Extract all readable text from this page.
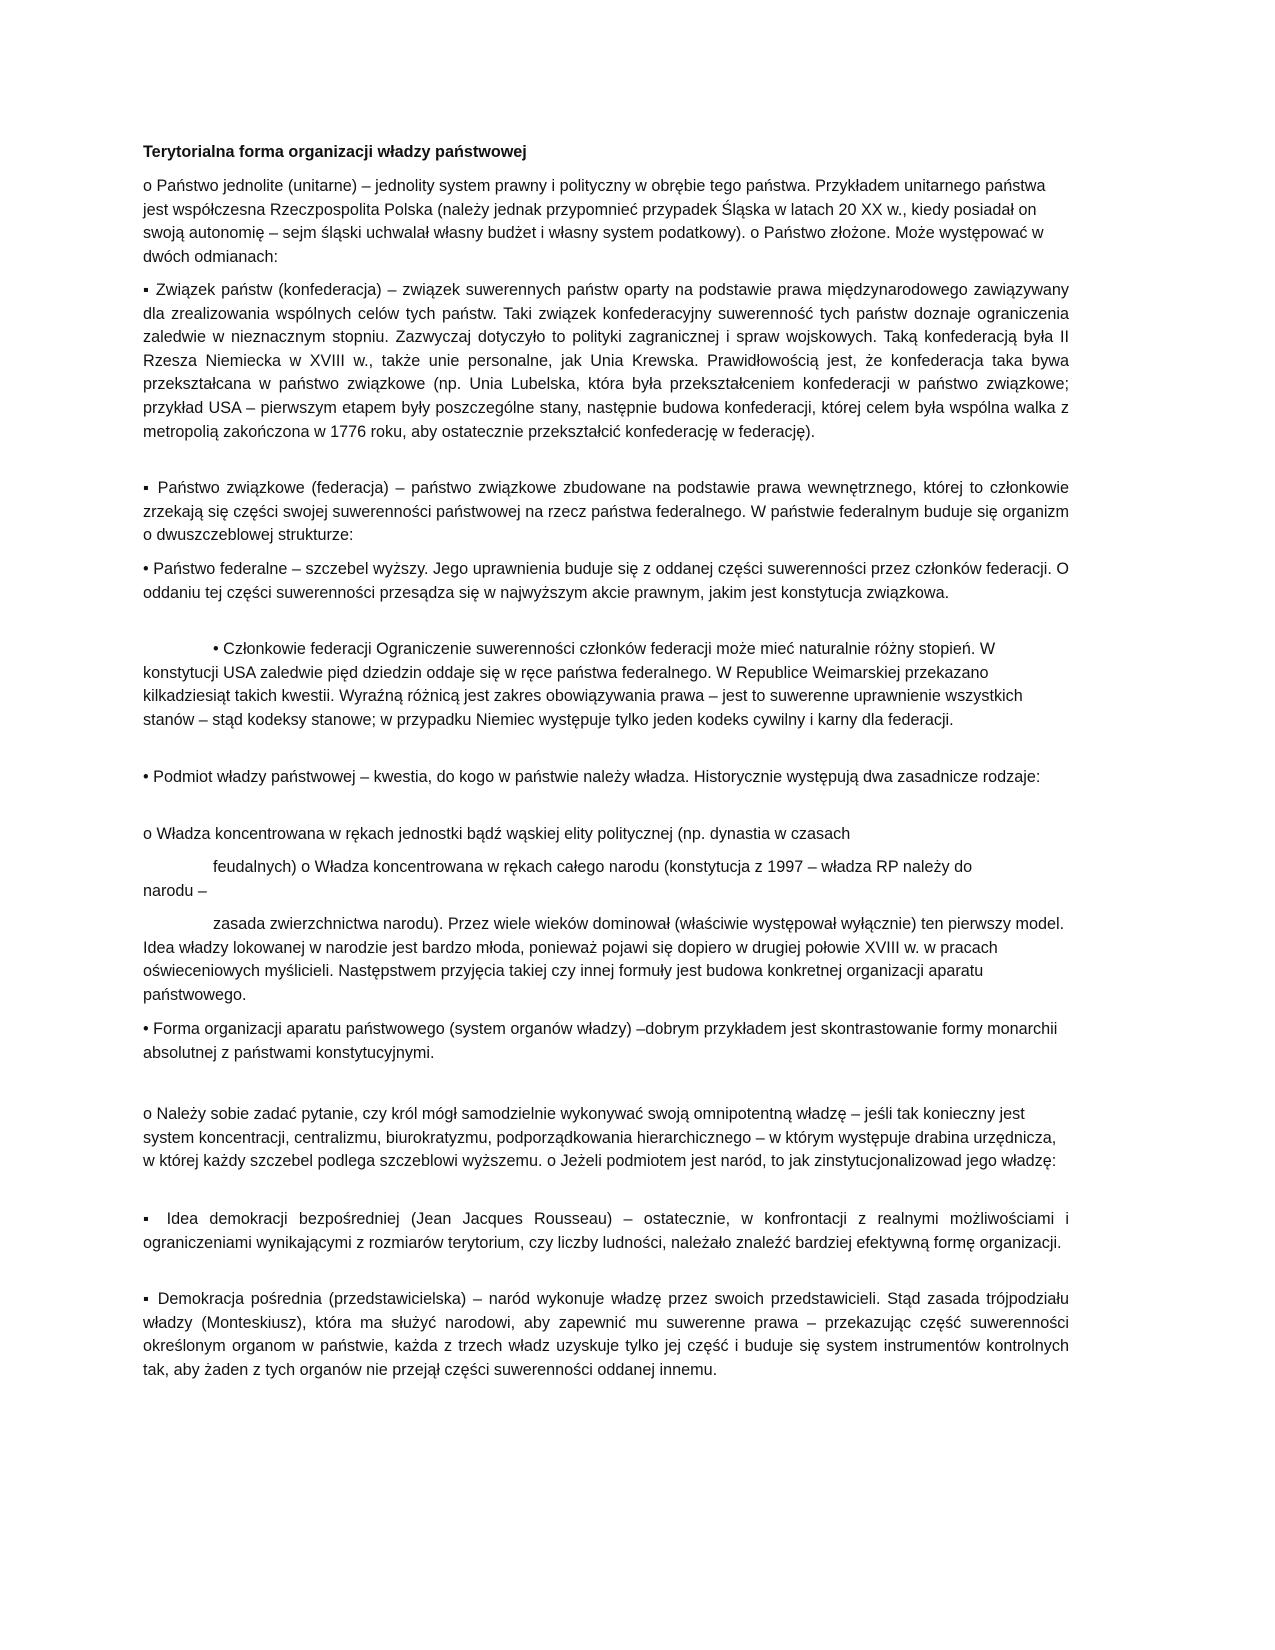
Terytorialna forma organizacji władzy państwowej

o Państwo jednolite (unitarne) – jednolity system prawny i polityczny w obrębie tego państwa. Przykładem unitarnego państwa jest współczesna Rzeczpospolita Polska (należy jednak przypomnieć przypadek Śląska w latach 20 XX w., kiedy posiadał on swoją autonomię – sejm śląski uchwalał własny budżet i własny system podatkowy). o Państwo złożone. Może występować w dwóch odmianach:

▪ Związek państw (konfederacja) – związek suwerennych państw oparty na podstawie prawa międzynarodowego zawiązywany dla zrealizowania wspólnych celów tych państw. Taki związek konfederacyjny suwerenność tych państw doznaje ograniczenia zaledwie w nieznacznym stopniu. Zazwyczaj dotyczyło to polityki zagranicznej i spraw wojskowych. Taką konfederacją była II Rzesza Niemiecka w XVIII w., także unie personalne, jak Unia Krewska. Prawidłowością jest, że konfederacja taka bywa przekształcana w państwo związkowe (np. Unia Lubelska, która była przekształceniem konfederacji w państwo związkowe; przykład USA – pierwszym etapem były poszczególne stany, następnie budowa konfederacji, której celem była wspólna walka z metropolią zakończona w 1776 roku, aby ostatecznie przekształcić konfederację w federację).

▪ Państwo związkowe (federacja) – państwo związkowe zbudowane na podstawie prawa wewnętrznego, której to członkowie zrzekają się części swojej suwerenności państwowej na rzecz państwa federalnego. W państwie federalnym buduje się organizm o dwuszczeblowej strukturze:

• Państwo federalne – szczebel wyższy. Jego uprawnienia buduje się z oddanej części suwerenności przez członków federacji. O oddaniu tej części suwerenności przesądza się w najwyższym akcie prawnym, jakim jest konstytucja związkowa.

• Członkowie federacji Ograniczenie suwerenności członków federacji może mieć naturalnie różny stopień. W konstytucji USA zaledwie pięd dziedzin oddaje się w ręce państwa federalnego. W Republice Weimarskiej przekazano kilkadziesiąt takich kwestii. Wyraźną różnicą jest zakres obowiązywania prawa – jest to suwerenne uprawnienie wszystkich stanów – stąd kodeksy stanowe; w przypadku Niemiec występuje tylko jeden kodeks cywilny i karny dla federacji.

• Podmiot władzy państwowej – kwestia, do kogo w państwie należy władza. Historycznie występują dwa zasadnicze rodzaje:

o Władza koncentrowana w rękach jednostki bądź wąskiej elity politycznej (np. dynastia w czasach

feudalnych) o Władza koncentrowana w rękach całego narodu (konstytucja z 1997 – władza RP należy do
narodu –

zasada zwierzchnictwa narodu). Przez wiele wieków dominował (właściwie występował wyłącznie) ten pierwszy model. Idea władzy lokowanej w narodzie jest bardzo młoda, ponieważ pojawi się dopiero w drugiej połowie XVIII w. w pracach oświeceniowych myślicieli. Następstwem przyjęcia takiej czy innej formuły jest budowa konkretnej organizacji aparatu państwowego.

• Forma organizacji aparatu państwowego (system organów władzy) –dobrym przykładem jest skontrastowanie formy monarchii absolutnej z państwami konstytucyjnymi.

o Należy sobie zadać pytanie, czy król mógł samodzielnie wykonywać swoją omnipotentną władzę – jeśli tak konieczny jest system koncentracji, centralizmu, biurokratyzmu, podporządkowania hierarchicznego – w którym występuje drabina urzędnicza, w której każdy szczebel podlega szczeblowi wyższemu. o Jeżeli podmiotem jest naród, to jak zinstytucjonalizowad jego władzę:

▪ Idea demokracji bezpośredniej (Jean Jacques Rousseau) – ostatecznie, w konfrontacji z realnymi możliwościami i ograniczeniami wynikającymi z rozmiarów terytorium, czy liczby ludności, należało znaleźć bardziej efektywną formę organizacji.

▪ Demokracja pośrednia (przedstawicielska) – naród wykonuje władzę przez swoich przedstawicieli. Stąd zasada trójpodziału władzy (Monteskiusz), która ma służyć narodowi, aby zapewnić mu suwerenne prawa – przekazując część suwerenności określonym organom w państwie, każda z trzech władz uzyskuje tylko jej część i buduje się system instrumentów kontrolnych tak, aby żaden z tych organów nie przejął części suwerenności oddanej innemu.
